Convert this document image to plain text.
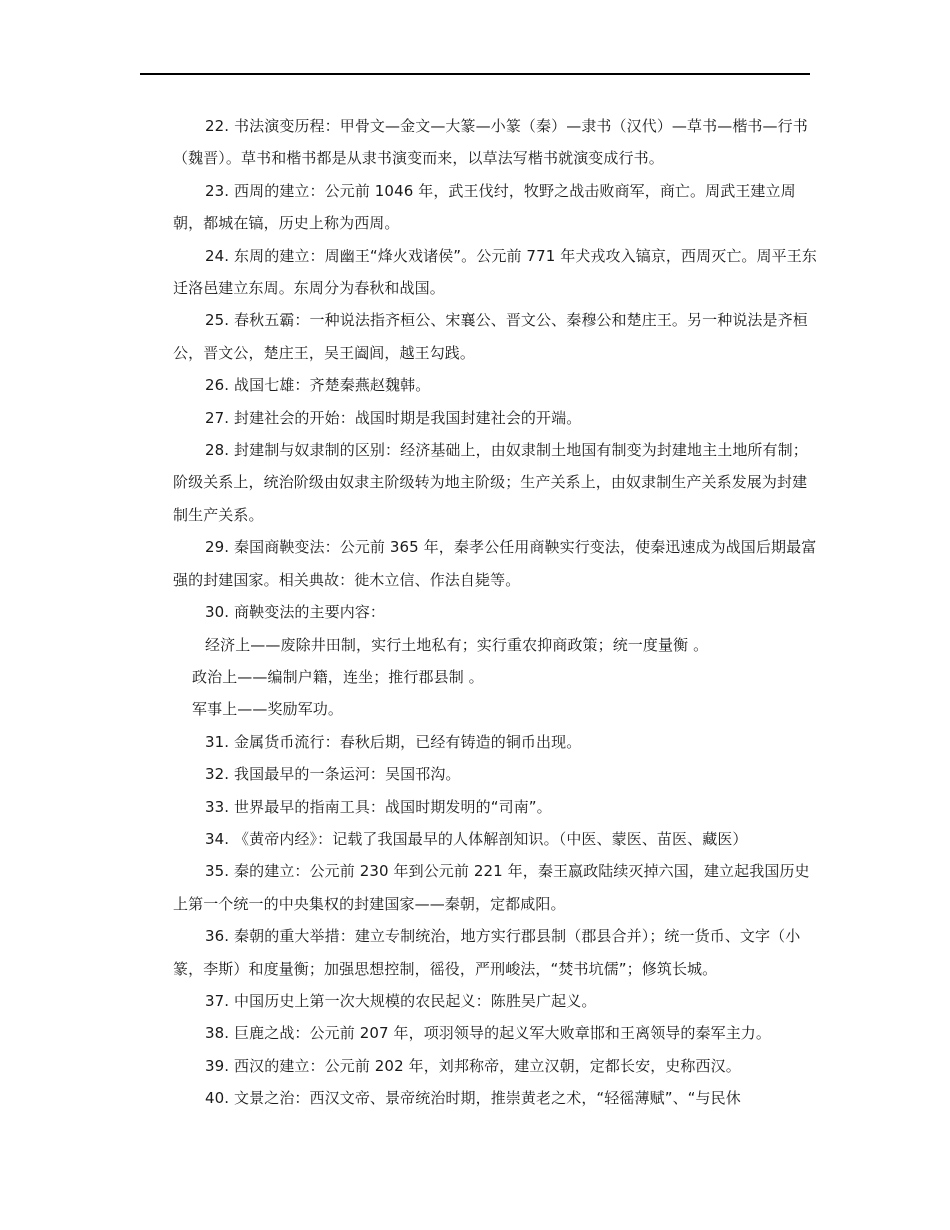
22. 书法演变历程：甲骨文—金文—大篆—小篆（秦）—隶书（汉代）—草书—楷书—行书（魏晋）。草书和楷书都是从隶书演变而来，以草法写楷书就演变成行书。

23. 西周的建立：公元前 1046 年，武王伐纣，牧野之战击败商军，商亡。周武王建立周朝，都城在镐，历史上称为西周。

24. 东周的建立：周幽王“烽火戏诸侯”。公元前 771 年犬戎攻入镐京，西周灭亡。周平王东迁洛邑建立东周。东周分为春秋和战国。

25. 春秋五霸：一种说法指齐桓公、宋襄公、晋文公、秦穆公和楚庄王。另一种说法是齐桓公，晋文公，楚庄王，吴王阖闾，越王勾践。

26. 战国七雄：齐楚秦燕赵魏韩。

27. 封建社会的开始：战国时期是我国封建社会的开端。

28. 封建制与奴隶制的区别：经济基础上，由奴隶制土地国有制变为封建地主土地所有制；阶级关系上，统治阶级由奴隶主阶级转为地主阶级；生产关系上，由奴隶制生产关系发展为封建制生产关系。

29. 秦国商鞅变法：公元前 365 年，秦孝公任用商鞅实行变法，使秦迅速成为战国后期最富强的封建国家。相关典故：徙木立信、作法自毙等。

30. 商鞅变法的主要内容：

经济上——废除井田制，实行土地私有；实行重农抑商政策；统一度量衡 。

政治上——编制户籍，连坐；推行郡县制 。

军事上——奖励军功。

31. 金属货币流行：春秋后期，已经有铸造的铜币出现。

32. 我国最早的一条运河：吴国邗沟。

33. 世界最早的指南工具：战国时期发明的“司南”。

34. 《黄帝内经》：记载了我国最早的人体解剖知识。（中医、蒙医、苗医、藏医）

35. 秦的建立：公元前 230 年到公元前 221 年，秦王嬴政陆续灭掉六国，建立起我国历史上第一个统一的中央集权的封建国家——秦朝，定都咸阳。

36. 秦朝的重大举措：建立专制统治，地方实行郡县制（郡县合并）；统一货币、文字（小篆，李斯）和度量衡；加强思想控制，徭役，严刑峻法，“焚书坑儒”；修筑长城。

37. 中国历史上第一次大规模的农民起义：陈胜吴广起义。

38. 巨鹿之战：公元前 207 年，项羽领导的起义军大败章邯和王离领导的秦军主力。

39. 西汉的建立：公元前 202 年，刘邦称帝，建立汉朝，定都长安，史称西汉。

40. 文景之治：西汉文帝、景帝统治时期，推崇黄老之术，“轻徭薄赋”、“与民休
